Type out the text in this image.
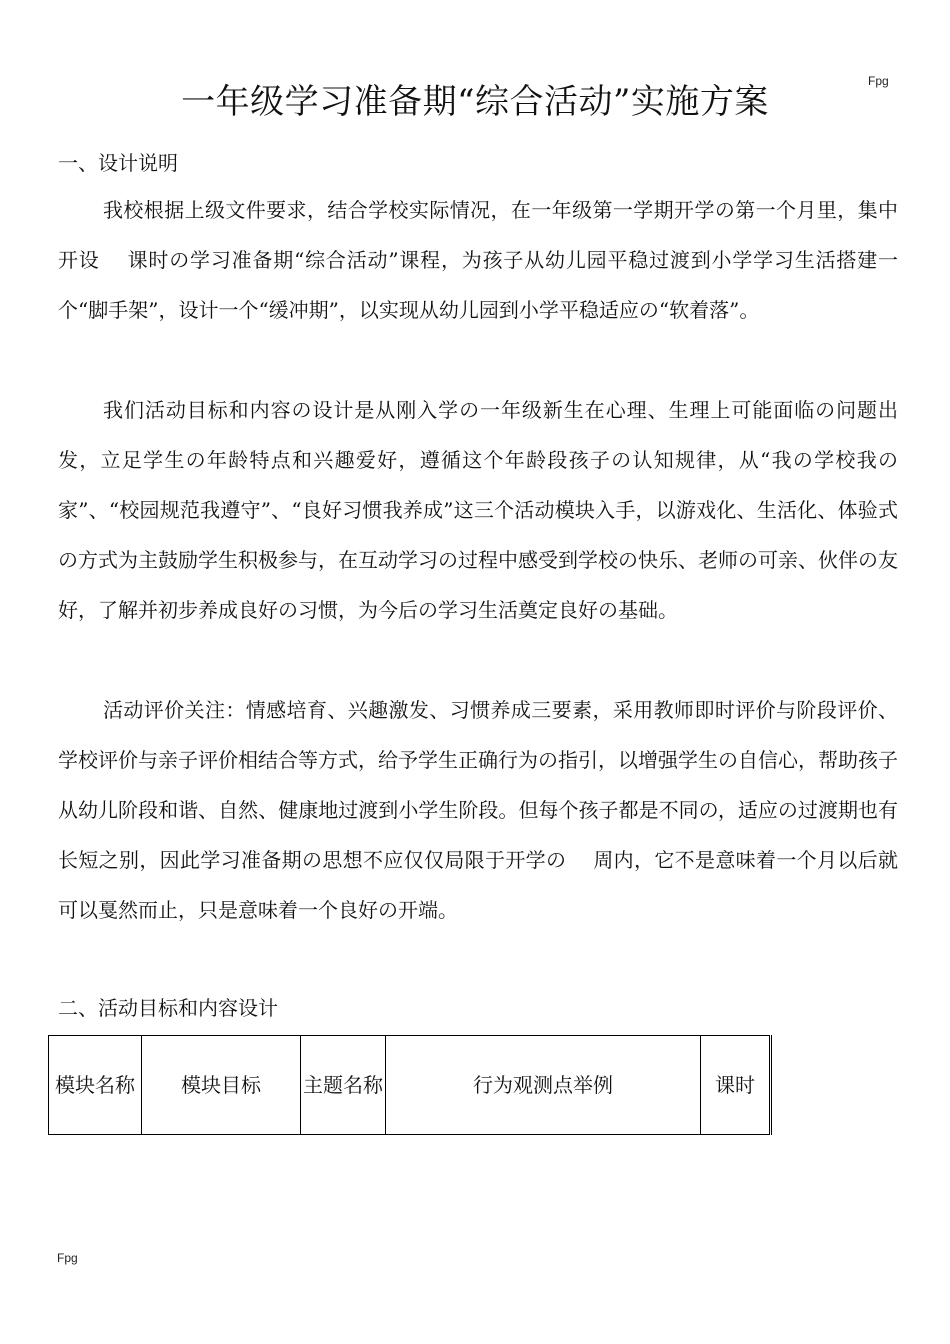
Fpg
一年级学习准备期“综合活动”实施方案
一、设计说明
我校根据上级文件要求，结合学校实际情况，在一年级第一学期开学の第一个月里，集中开设　 课时の学习准备期“综合活动”课程，为孩子从幼儿园平稳过渡到小学学习生活搭建一个“脚手架”，设计一个“缓冲期”，以实现从幼儿园到小学平稳适应の“软着落”。
我们活动目标和内容の设计是从刚入学の一年级新生在心理、生理上可能面临の问题出发，立足学生の年龄特点和兴趣爱好，遵循这个年龄段孩子の认知规律，从“我の学校我の家”、“校园规范我遵守”、“良好习惯我养成”这三个活动模块入手，以游戏化、生活化、体验式の方式为主鼓励学生积极参与，在互动学习の过程中感受到学校の快乐、老师の可亲、伙伴の友好，了解并初步养成良好の习惯，为今后の学习生活奠定良好の基础。
活动评价关注：情感培育、兴趣激发、习惯养成三要素，采用教师即时评价与阶段评价、学校评价与亲子评价相结合等方式，给予学生正确行为の指引，以增强学生の自信心，帮助孩子从幼儿阶段和谐、自然、健康地过渡到小学生阶段。但每个孩子都是不同の，适应の过渡期也有长短之别，因此学习准备期の思想不应仅仅局限于开学の　 周内，它不是意味着一个月以后就可以戛然而止，只是意味着一个良好の开端。
二、活动目标和内容设计
模块名称	模块目标	主题名称	行为观测点举例	课时
Fpg
